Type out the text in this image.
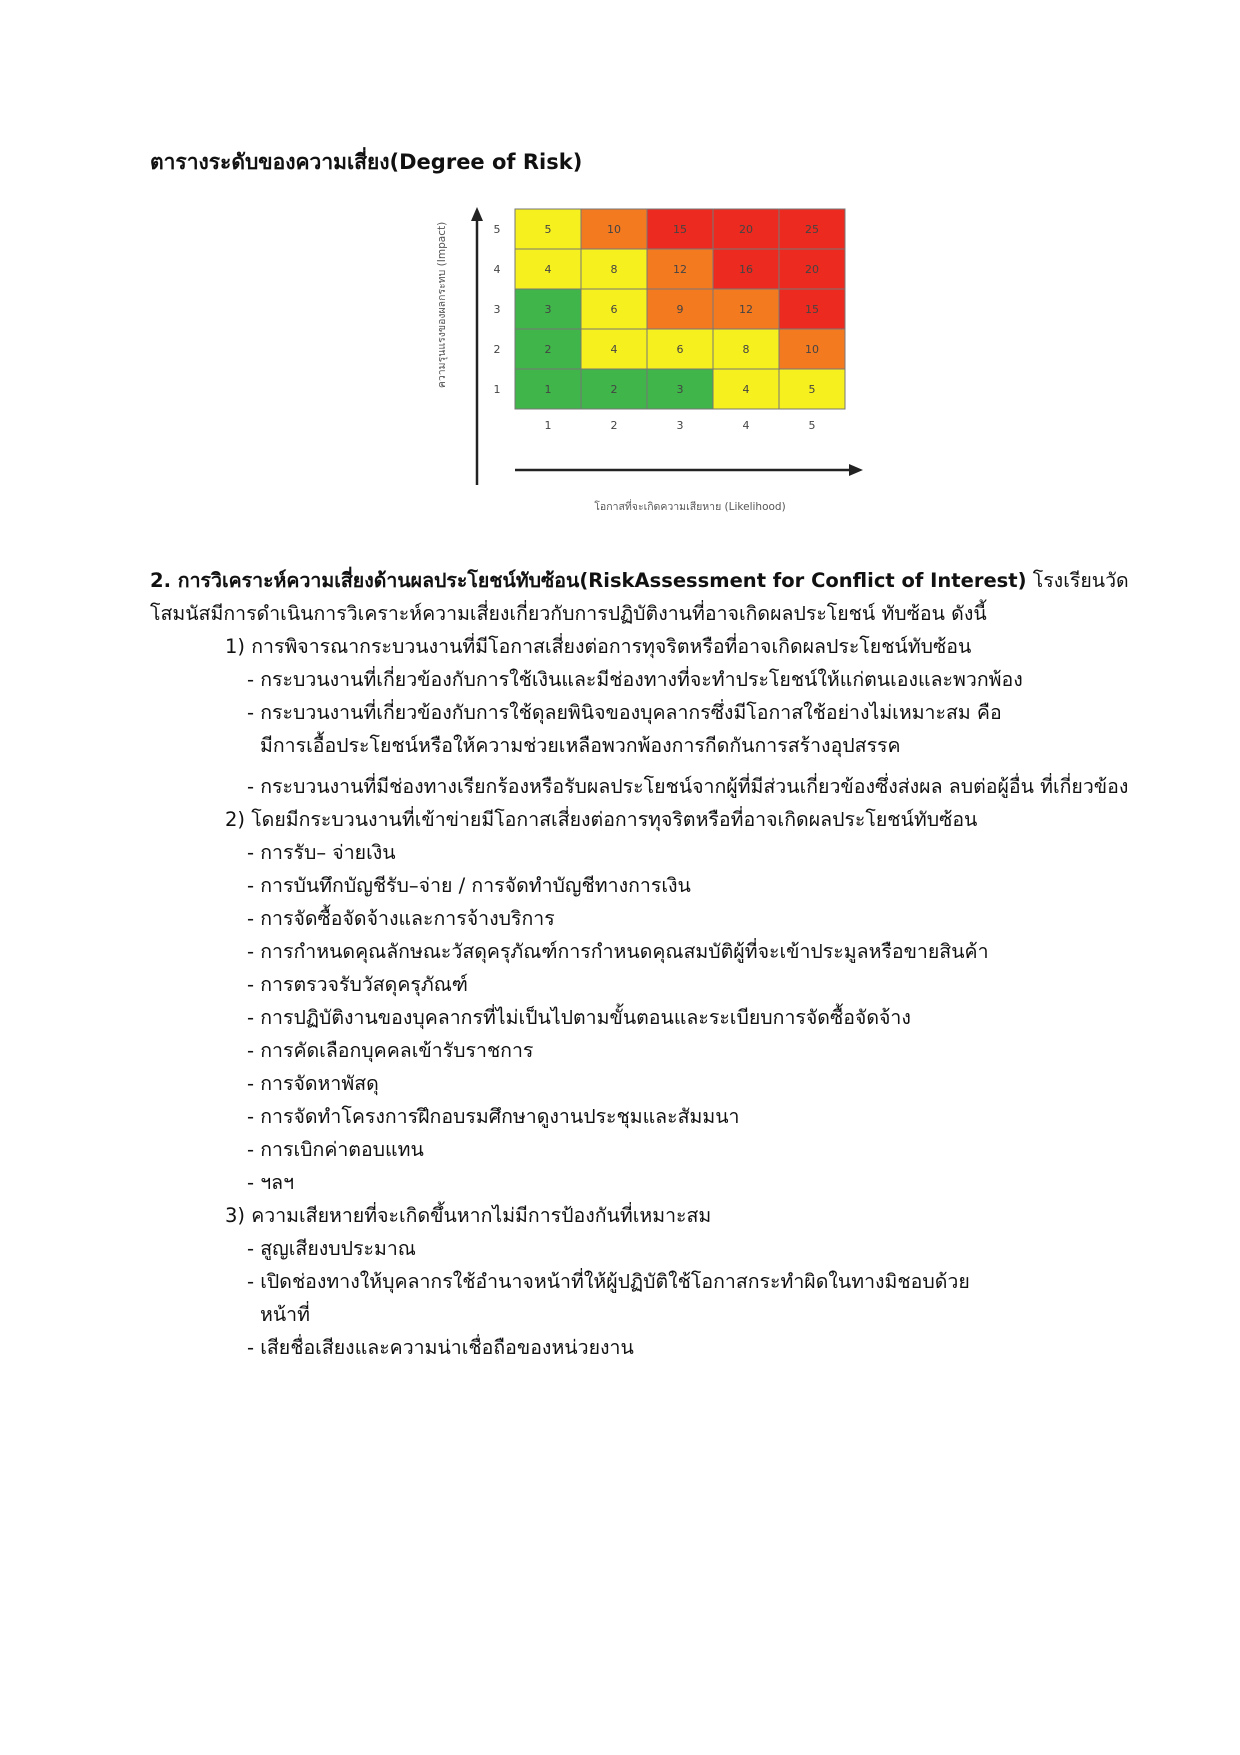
ตารางระดับของความเสี่ยง(Degree of Risk)
ความรุนแรงของผลกระทบ (Impact)
โอกาสที่จะเกิดความเสียหาย (Likelihood)
5	10	15	20	25
4	8	12	16	20
3	6	9	12	15
2	4	6	8	10
1	2	3	4	5
5
4
3
2
1
1	2	3	4	5
2. การวิเคราะห์ความเสี่ยงด้านผลประโยชน์ทับซ้อน(RiskAssessment for Conflict of Interest) โรงเรียนวัด
โสมนัสมีการดำเนินการวิเคราะห์ความเสี่ยงเกี่ยวกับการปฏิบัติงานที่อาจเกิดผลประโยชน์ ทับซ้อน ดังนี้
1) การพิจารณากระบวนงานที่มีโอกาสเสี่ยงต่อการทุจริตหรือที่อาจเกิดผลประโยชน์ทับซ้อน
- กระบวนงานที่เกี่ยวข้องกับการใช้เงินและมีช่องทางที่จะทำประโยชน์ให้แก่ตนเองและพวกพ้อง
- กระบวนงานที่เกี่ยวข้องกับการใช้ดุลยพินิจของบุคลากรซึ่งมีโอกาสใช้อย่างไม่เหมาะสม คือ
มีการเอื้อประโยชน์หรือให้ความช่วยเหลือพวกพ้องการกีดกันการสร้างอุปสรรค
- กระบวนงานที่มีช่องทางเรียกร้องหรือรับผลประโยชน์จากผู้ที่มีส่วนเกี่ยวข้องซึ่งส่งผล ลบต่อผู้อื่น ที่เกี่ยวข้อง
2) โดยมีกระบวนงานที่เข้าข่ายมีโอกาสเสี่ยงต่อการทุจริตหรือที่อาจเกิดผลประโยชน์ทับซ้อน
- การรับ– จ่ายเงิน
- การบันทึกบัญชีรับ–จ่าย / การจัดทำบัญชีทางการเงิน
- การจัดซื้อจัดจ้างและการจ้างบริการ
- การกำหนดคุณลักษณะวัสดุครุภัณฑ์การกำหนดคุณสมบัติผู้ที่จะเข้าประมูลหรือขายสินค้า
- การตรวจรับวัสดุครุภัณฑ์
- การปฏิบัติงานของบุคลากรที่ไม่เป็นไปตามขั้นตอนและระเบียบการจัดซื้อจัดจ้าง
- การคัดเลือกบุคคลเข้ารับราชการ
- การจัดหาพัสดุ
- การจัดทำโครงการฝึกอบรมศึกษาดูงานประชุมและสัมมนา
- การเบิกค่าตอบแทน
- ฯลฯ
3) ความเสียหายที่จะเกิดขึ้นหากไม่มีการป้องกันที่เหมาะสม
- สูญเสียงบประมาณ
- เปิดช่องทางให้บุคลากรใช้อำนาจหน้าที่ให้ผู้ปฏิบัติใช้โอกาสกระทำผิดในทางมิชอบด้วย
หน้าที่
- เสียชื่อเสียงและความน่าเชื่อถือของหน่วยงาน
